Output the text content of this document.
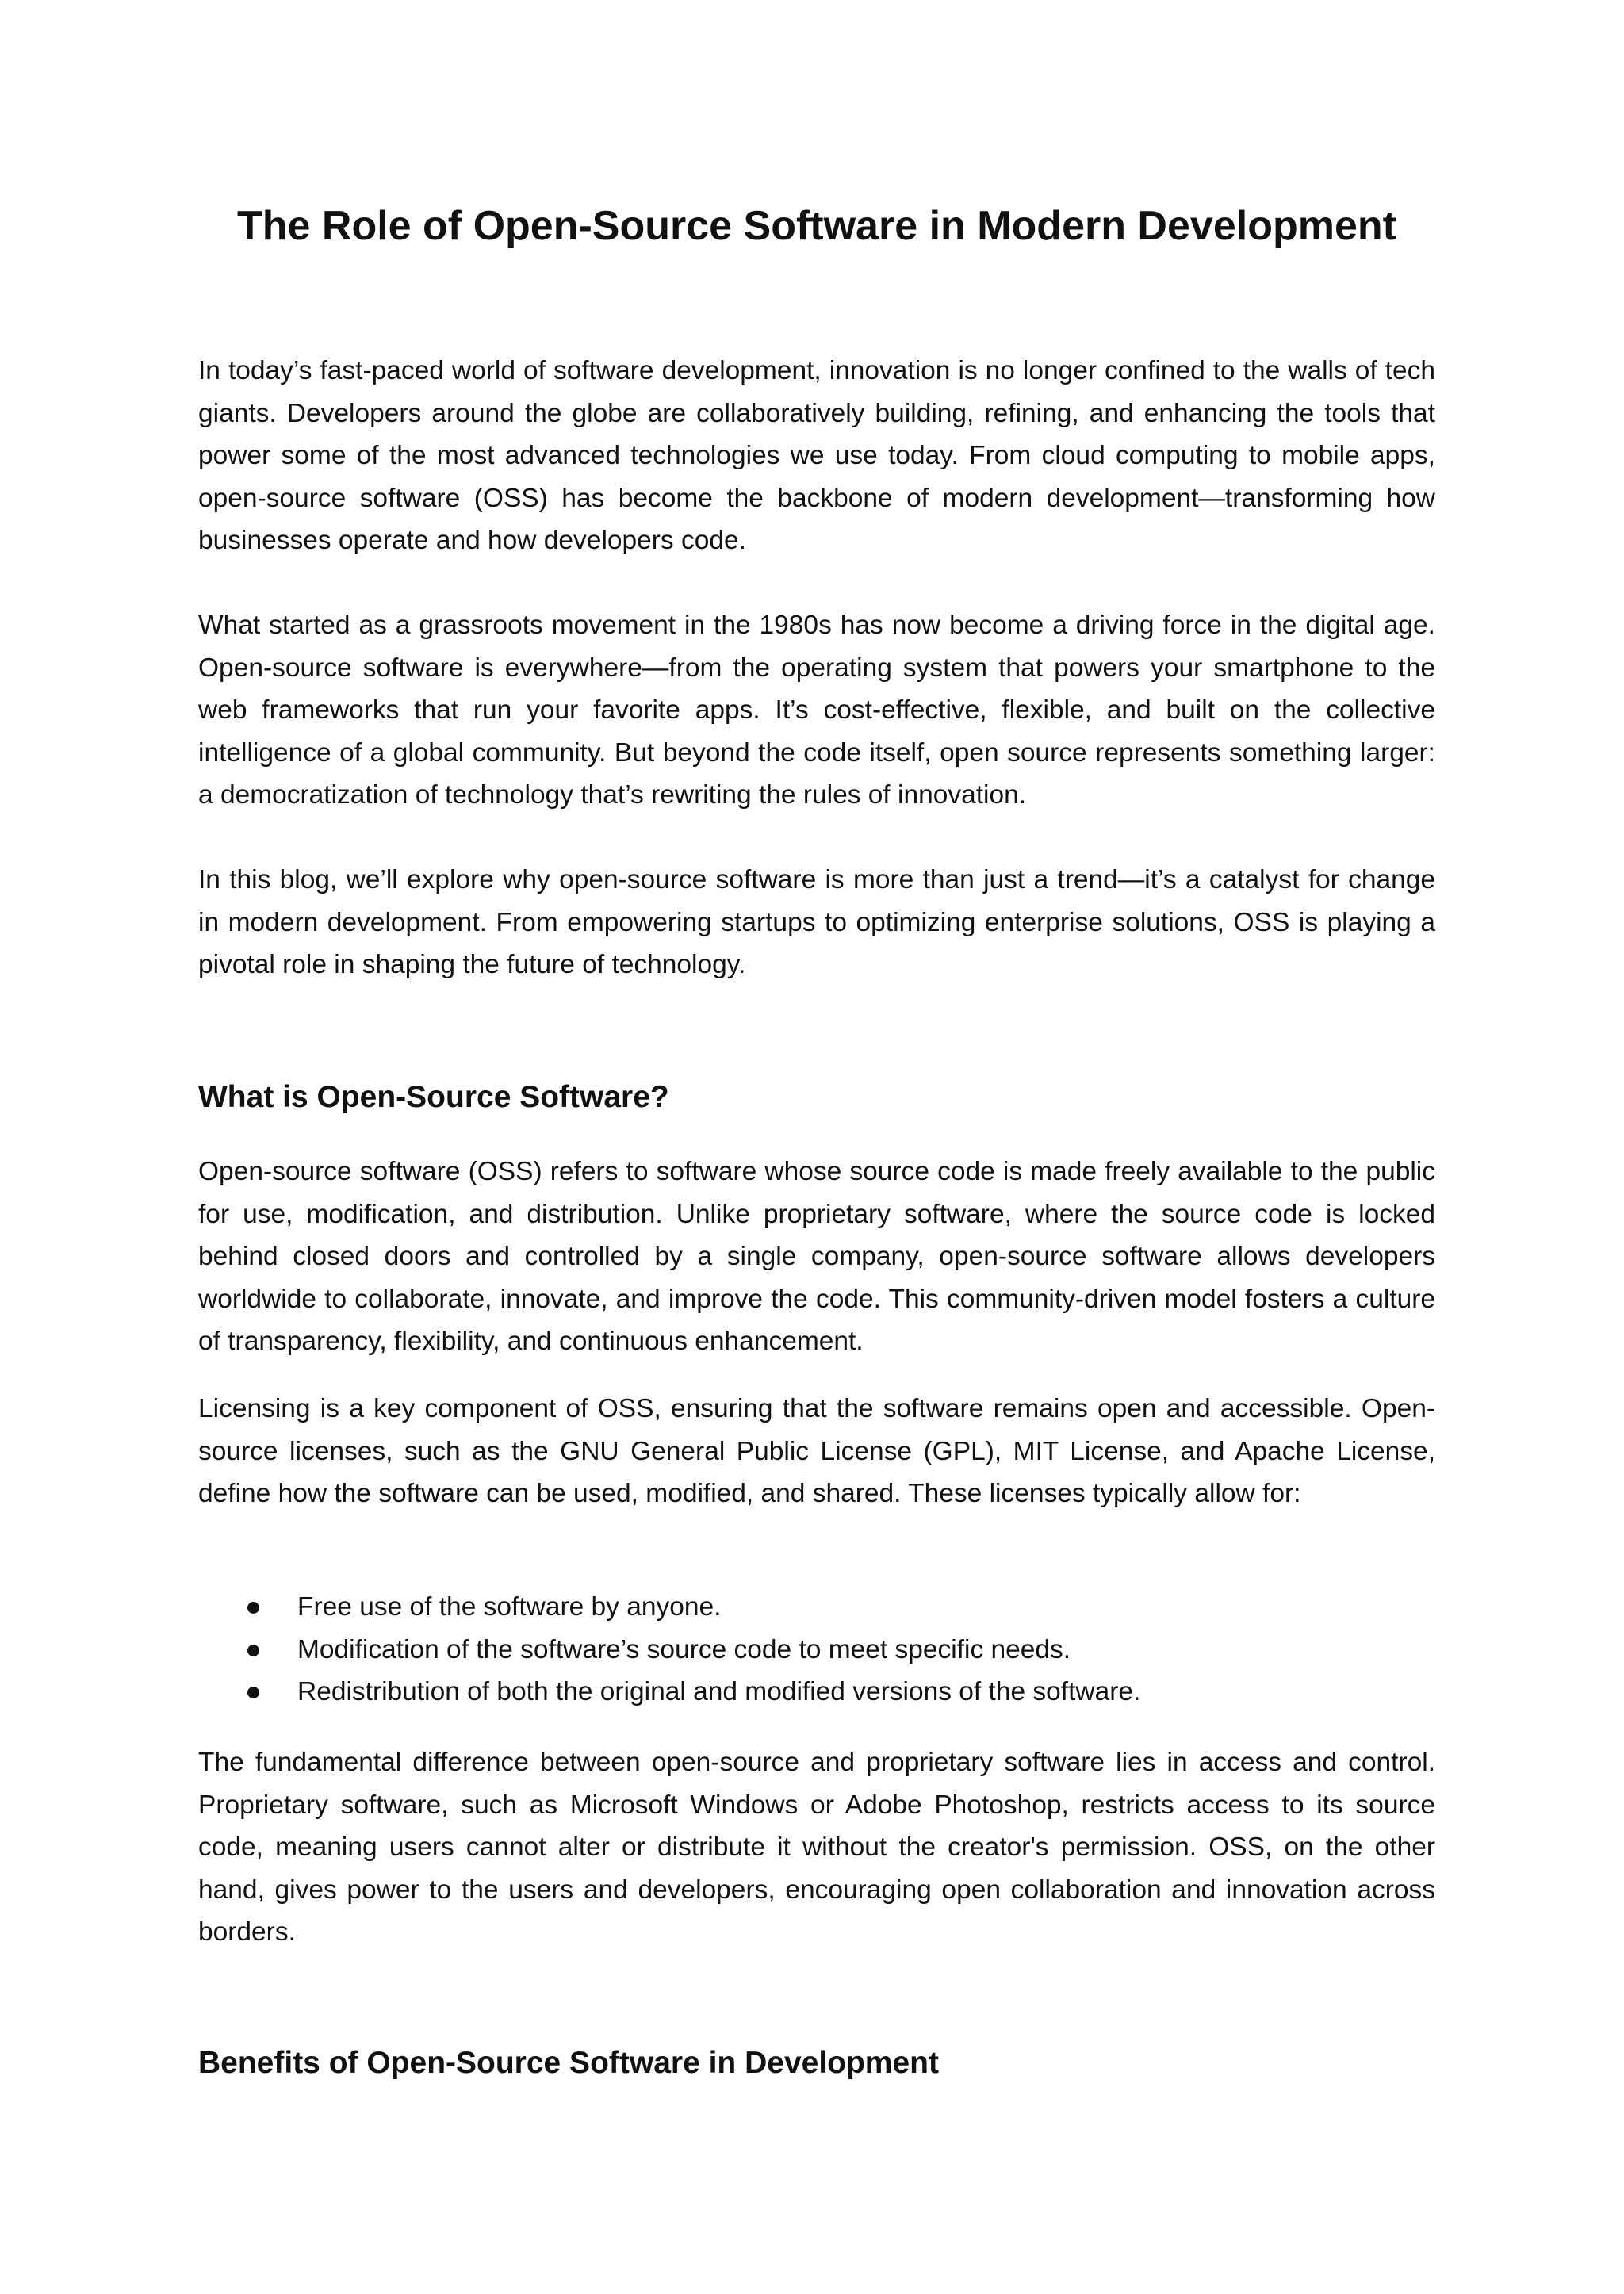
The Role of Open-Source Software in Modern Development

In today’s fast-paced world of software development, innovation is no longer confined to the walls of tech giants. Developers around the globe are collaboratively building, refining, and enhancing the tools that power some of the most advanced technologies we use today. From cloud computing to mobile apps, open-source software (OSS) has become the backbone of modern development—transforming how businesses operate and how developers code.

What started as a grassroots movement in the 1980s has now become a driving force in the digital age. Open-source software is everywhere—from the operating system that powers your smartphone to the web frameworks that run your favorite apps. It’s cost-effective, flexible, and built on the collective intelligence of a global community. But beyond the code itself, open source represents something larger: a democratization of technology that’s rewriting the rules of innovation.

In this blog, we’ll explore why open-source software is more than just a trend—it’s a catalyst for change in modern development. From empowering startups to optimizing enterprise solutions, OSS is playing a pivotal role in shaping the future of technology.

What is Open-Source Software?

Open-source software (OSS) refers to software whose source code is made freely available to the public for use, modification, and distribution. Unlike proprietary software, where the source code is locked behind closed doors and controlled by a single company, open-source software allows developers worldwide to collaborate, innovate, and improve the code. This community-driven model fosters a culture of transparency, flexibility, and continuous enhancement.

Licensing is a key component of OSS, ensuring that the software remains open and accessible. Open-source licenses, such as the GNU General Public License (GPL), MIT License, and Apache License, define how the software can be used, modified, and shared. These licenses typically allow for:

Free use of the software by anyone.
Modification of the software’s source code to meet specific needs.
Redistribution of both the original and modified versions of the software.

The fundamental difference between open-source and proprietary software lies in access and control. Proprietary software, such as Microsoft Windows or Adobe Photoshop, restricts access to its source code, meaning users cannot alter or distribute it without the creator's permission. OSS, on the other hand, gives power to the users and developers, encouraging open collaboration and innovation across borders.

Benefits of Open-Source Software in Development
